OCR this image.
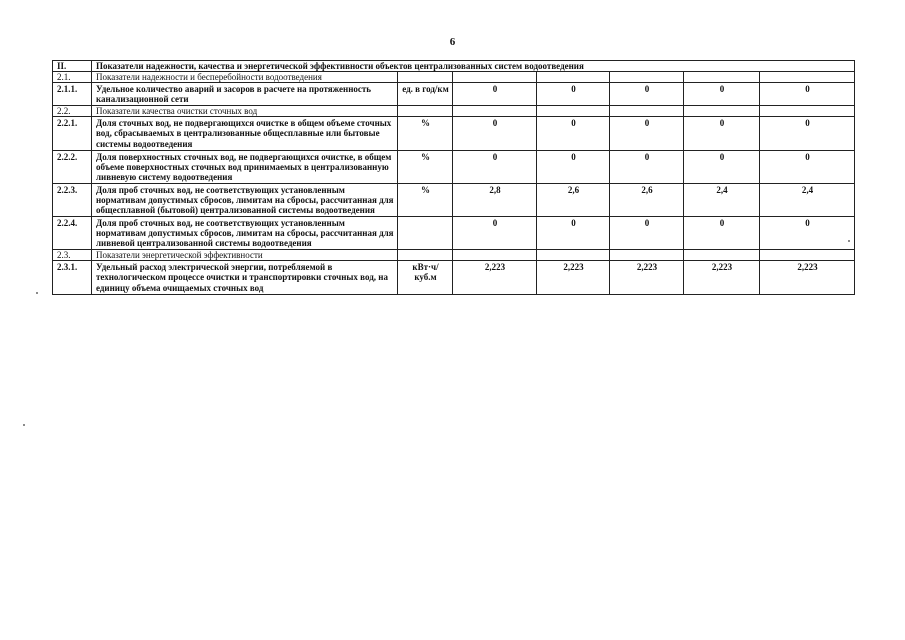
6
II.	Показатели надежности, качества и энергетической эффективности объектов централизованных систем водоотведения						
2.1.	Показатели надежности и бесперебойности водоотведения						
2.1.1.	Удельное количество аварий и засоров в расчете на протяженность канализационной сети	ед. в год/км	0	0	0	0	0
2.2.	Показатели качества очистки сточных вод						
2.2.1.	Доля сточных вод, не подвергающихся очистке в общем объеме сточных вод, сбрасываемых в централизованные общесплавные или бытовые системы водоотведения	%	0	0	0	0	0
2.2.2.	Доля поверхностных сточных вод, не подвергающихся очистке, в общем объеме поверхностных сточных вод принимаемых в централизованную ливневую систему водоотведения	%	0	0	0	0	0
2.2.3.	Доля проб сточных вод, не соответствующих установленным нормативам допустимых сбросов, лимитам на сбросы, рассчитанная для общесплавной (бытовой) централизованной системы водоотведения	%	2,8	2,6	2,6	2,4	2,4
2.2.4.	Доля проб сточных вод, не соответствующих установленным нормативам допустимых сбросов, лимитам на сбросы, рассчитанная для ливневой централизованной системы водоотведения		0	0	0	0	0
2.3.	Показатели энергетической эффективности						
2.3.1.	Удельный расход электрической энергии, потребляемой в технологическом процессе очистки и транспортировки сточных вод, на единицу объема очищаемых сточных вод	кВт·ч/ куб.м	2,223	2,223	2,223	2,223	2,223
